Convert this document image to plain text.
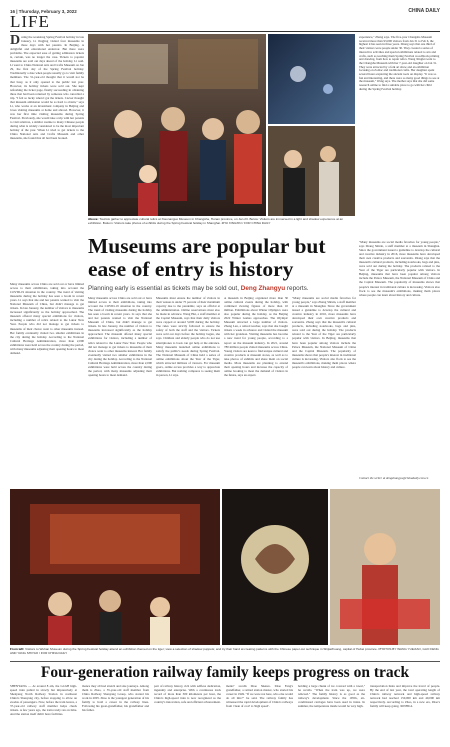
16 | Thursday, February 3, 2022	CHINA DAILY
LIFE
During the weeklong Spring Festival holiday in late January, Li Jingjing visited four museums in three days with her parents. In Beijing. A delightful and educational endeavor. But there were problems. The expected ease of getting admission tickets is, certain, was no longer the case. Tickets to popular museums are sold out days ahead of the holiday, Li said. Li went to China National Arts and Crafts Museum on Jan 29, the first day of the Spring Festival holiday. Traditionally a date when people usually go to visit family members. The 31-year-old thought that it would not be that busy, as it only opened to the public last year. However, its holiday tickets were sold out. She kept refreshing the ticket page, finally succeeding in obtaining three that had been returned by someone who cancelled a trip. "I felt so lucky when I got the tickets. I never thought that museum admission would be so hard to obtain," says Li, who works at an investment company in Beijing and loves visiting museums at home and abroad. However, it was her first time visiting museums during Spring Festival. Previously, she would take a trip with her parents to visit relatives, a similar routine to many Chinese people during what is widely considered to be the most important holiday of the year. When Li tried to get tickets to the China National Arts and Crafts Museum and other museums, she found that all had been booked.
experience," Zhang says. The five-year Changsha Museum received more than 93,000 visitors from Jan 31 to Feb 6, the highest it has seen in three years. Zhang says that one third of their visitors were people under 30. They created a series of interactive activities and special exhibitions related to arts and crafts, such as teaching them Spring Festival woodblock printing and drawing, from how to repair relics. Wang Xingfei went to the Changsha Museum with her 7-year-old daughter on Jan 31. They were attracted by a folk art show and an exhibition focusing on Zodiac and traditional crafts. Her daughter spent several hours exploring the ancient tools on display. "It was so fun and interesting, and there were so many good things to see at the museum," Wang says. The mother says that she did some research online to find a suitable place to go with her child during the Spring Festival holiday.
Above: Tourists gather to appreciate cultural relics at Xiaonanguo Museum in Changsha, Hunan province, on Jan 23. Below: Visitors are immersed in a light and shadow experience at an exhibition. Bottom: Visitors take photos of exhibits during the Spring Festival holiday in Shanghai. ZHU XINGXIN / FOR CHINA DAILY
Museums are popular but ease of entry is history
Planning early is essential as tickets may be sold out, Deng Zhangyu reports.
Many museums across China are sold out or have limited access to their exhibitions, taking into account the COVID-19 situation in the country. The trend of visiting museums during the holiday has seen a boom in recent years. Li says that she and her parents wanted to visit the National Museum of China, but didn't manage to get tickets. In late January, the number of visitors to museums increased significantly as the holiday approached. The museum offered many special exhibitions for visitors, including a number of relics related to the Lunar New Year. People who did not manage to get tickets to museums of their choice went to other museums instead. Her family eventually visited two smaller exhibitions in the city during the holiday. According to the National Cultural Heritage Administration, more than 2,000 exhibitions were held across the country during the period, with many museums adjusting their opening hours to meet demand.
Museums must ensure the number of visitors in their venues is under 75 percent of their maximum capacity due to the pandemic, says an official at the administration. Online reservations must also be made in advance. Wang Hui, a staff member at the Capital Museum, says that their daily visitors were capped at around 5,000 during the holiday. The rules were strictly followed to ensure the safety of both the staff and the visitors. Tickets were sold out days before the holiday began, she says. Children and elderly people who do not use smartphones to book can get help at the entrance. Many museums launched online exhibitions to satisfy the public's needs during Spring Festival. The National Museum of China held a series of online exhibitions about the Year of the Tiger, which attracted millions of viewers. For museum goers, online access provides a way to appreciate exhibitions. But nothing compares to seeing them in person, Li says.
A museum in Beijing organized more than 30 online cultural events during the holiday, with combined viewing figures of more than 10 million. Exhibitions about Winter Olympics were also popular during the holiday, as the Beijing 2022 Winter Games approaches. The Olympic Museum attracted a large number of visitors. Zhang Lan, a retired teacher, says that she bought tickets a week in advance and visited the museum with her grandson. Visiting museums has become a new trend for young people, according to a report on the museum industry. In 2021, around 780 million people visited museums across China. Young visitors are keen to find unique cultural and creative products at museum stores, as well as to take photos of exhibits and share them on social media. More museums are planning to extend their opening hours and increase the capacity of online booking to meet the demand of visitors in the future, says an expert.
"Many museums are social media favorites for young people," says Zhang Shixin, a staff member at a museum in Shanghai. Since the government issued a guideline to develop the cultural and creative industry in 2016, more museums have developed their own creative products and souvenirs. Zhang says that the museum's cultural products, including notebooks, bags and pins, were sold out during the holiday. The products related to the Year of the Tiger are particularly popular with visitors. In Beijing, museums that have been popular among visitors include the Palace Museum, the National Museum of China and the Capital Museum. The popularity of museums shows that people's interest in traditional culture is increasing. Visitors also flock to see the museum's exhibitions, making them places where people can learn about history and culture.
"Many museums are social media favorites for young people," says Zhang Shixin, a staff member at a museum in Shanghai. Since the government issued a guideline to develop the cultural and creative industry in 2016, more museums have developed their own creative products and souvenirs. Zhang says that the museum's cultural products, including notebooks, bags and pins, were sold out during the holiday. The products related to the Year of the Tiger are particularly popular with visitors. In Beijing, museums that have been popular among visitors include the Palace Museum, the National Museum of China and the Capital Museum. The popularity of museums shows that people's interest in traditional culture is increasing. Visitors also flock to see the museum's exhibitions, making them places where people can learn about history and culture.
Contact the writer at dengzhangyu@chinadaily.com.cn
Many museums across China are sold out or have limited access to their exhibitions, taking into account the COVID-19 situation in the country. The trend of visiting museums during the holiday has seen a boom in recent years. Li says that she and her parents wanted to visit the National Museum of China, but didn't manage to get tickets. In late January, the number of visitors to museums increased significantly as the holiday approached. The museum offered many special exhibitions for visitors, including a number of relics related to the Lunar New Year. People who did not manage to get tickets to museums of their choice went to other museums instead. Her family eventually visited two smaller exhibitions in the city during the holiday. According to the National Cultural Heritage Administration, more than 2,000 exhibitions were held across the country during the period, with many museums adjusting their opening hours to meet demand.
From left: Visitors to Wuhan Museum during the Spring Festival holiday attend an exhibition themed on the tiger; view a selection of shadow puppets; and try their hand at creating patterns with the Chinese paper-cut technique in Shijiazhuang, capital of Hebei province. PHOTOS BY WANG YUEJIAO, GAO FENG AND YANG SHIYAO / FOR CHINA DAILY
Four-generation railway family keeps progress on track
SHENYANG — At around 8 am, the G1228 high-speed train pulled in slowly but impressively at Shenyang North Railway Station in northeast China's Shenyang city, before stopping to allow an exodus of passengers. Now, before the train leaves, a 37-year-old railway staff member helps check tickets. A few years ago, the train rarely ran on time. And the station itself didn't have facilities.
mance they all had stretch and size journeys. Among them is Zhao, a 35-year-old staff member from China Railway Shenyang Group, who started his work in 2005. Zhao is the youngest generation of his family to hold a career in the railway lines. Following his great-grandfather, his grandfather and his father.
part of railway history, rich with selfless dedication, ingenuity and enterprise. With a continuous track record of more than 300 kilometers per hour, the China's high-speed train is now recognized as the country's innovation, safe and efficient advancement.
ments" recalls Zhao Shenzo. Zhao Feng's grandfather, a retired station master, who started his career in 1949. "If we were not here, who else would do all this?" he said. The railway family has witnessed the rapid development of China's railways from 'clean of coal' to 'high speed'.
holding a large chunk of ice covered with a towel," he recalls. "When the train was up, we were relieved." The family history is as good as the railway's development. Since the 1950s, air-conditioned carriages have been used in trains. In summer, the temperature inside would be very high.
transportation links and improve the travel of people. By the end of last year, the total operating length of China's railway network and high-speed railway network had reached 150,000 km and 40,000 km respectively. According to Zhao, in a new era, Zhao's family will keep going. XINHUA
